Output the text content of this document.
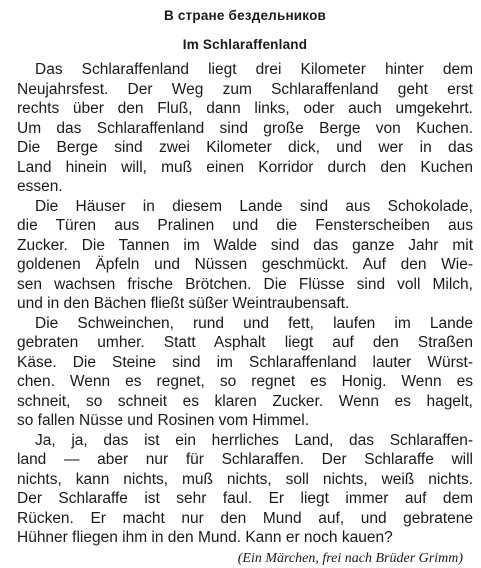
В стране бездельников
Im Schlaraffenland
Das Schlaraffenland liegt drei Kilometer hinter dem
Neujahrsfest. Der Weg zum Schlaraffenland geht erst
rechts über den Fluß, dann links, oder auch umgekehrt.
Um das Schlaraffenland sind große Berge von Kuchen.
Die Berge sind zwei Kilometer dick, und wer in das
Land hinein will, muß einen Korridor durch den Kuchen
essen.
Die Häuser in diesem Lande sind aus Schokolade,
die Türen aus Pralinen und die Fensterscheiben aus
Zucker. Die Tannen im Walde sind das ganze Jahr mit
goldenen Äpfeln und Nüssen geschmückt. Auf den Wie-
sen wachsen frische Brötchen. Die Flüsse sind voll Milch,
und in den Bächen fließt süßer Weintraubensaft.
Die Schweinchen, rund und fett, laufen im Lande
gebraten umher. Statt Asphalt liegt auf den Straßen
Käse. Die Steine sind im Schlaraffenland lauter Würst-
chen. Wenn es regnet, so regnet es Honig. Wenn es
schneit, so schneit es klaren Zucker. Wenn es hagelt,
so fallen Nüsse und Rosinen vom Himmel.
Ja, ja, das ist ein herrliches Land, das Schlaraffen-
land — aber nur für Schlaraffen. Der Schlaraffe will
nichts, kann nichts, muß nichts, soll nichts, weiß nichts.
Der Schlaraffe ist sehr faul. Er liegt immer auf dem
Rücken. Er macht nur den Mund auf, und gebratene
Hühner fliegen ihm in den Mund. Kann er noch kauen?
(Ein Märchen, frei nach Brüder Grimm)
